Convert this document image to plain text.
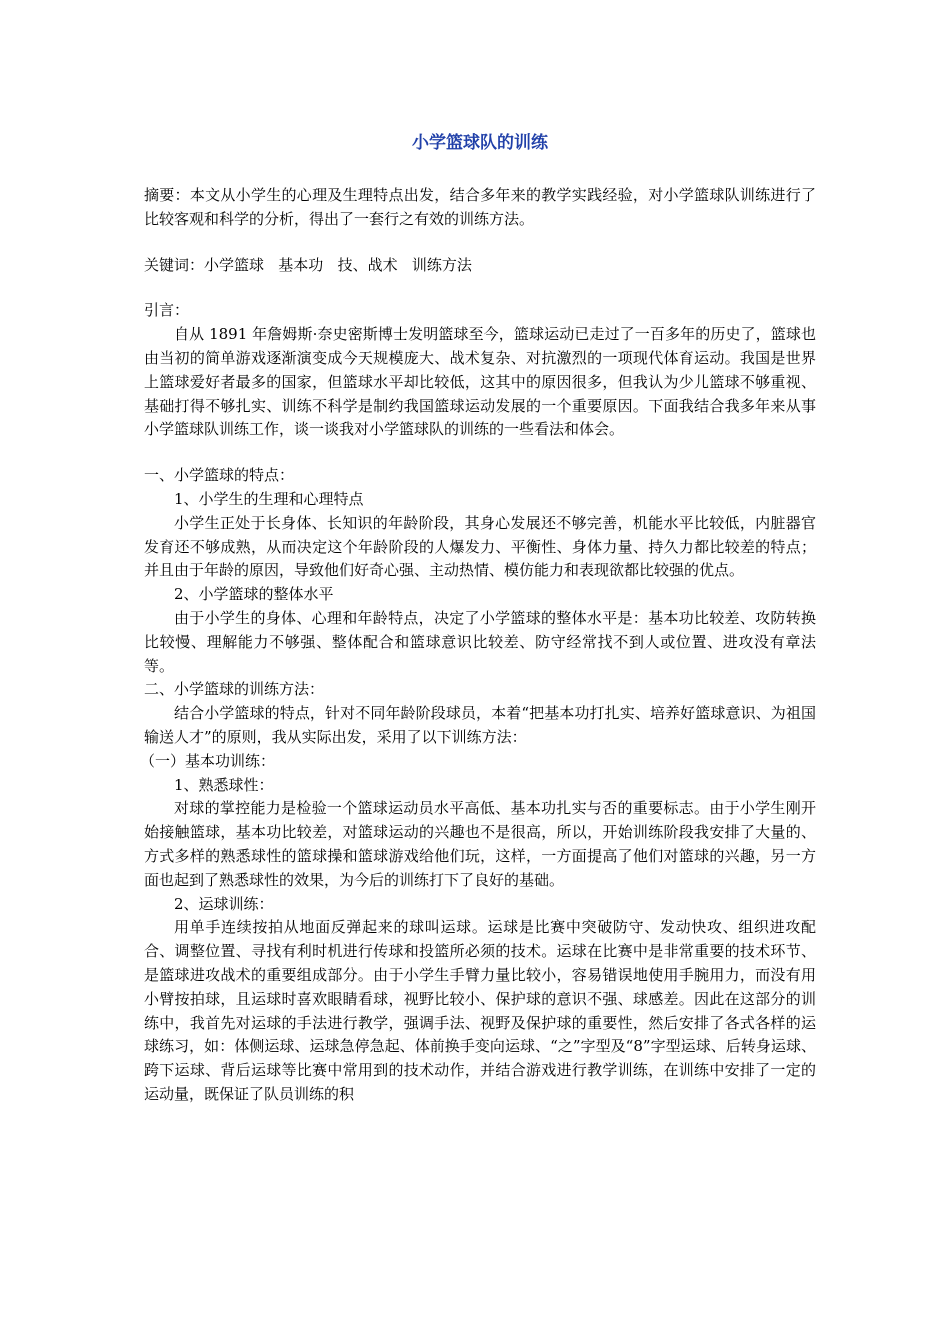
小学篮球队的训练

摘要：本文从小学生的心理及生理特点出发，结合多年来的教学实践经验，对小学篮球队训练进行了比较客观和科学的分析，得出了一套行之有效的训练方法。

关键词：小学篮球   基本功   技、战术   训练方法

引言：

自从 1891 年詹姆斯·奈史密斯博士发明篮球至今，篮球运动已走过了一百多年的历史了，篮球也由当初的简单游戏逐渐演变成今天规模庞大、战术复杂、对抗激烈的一项现代体育运动。我国是世界上篮球爱好者最多的国家，但篮球水平却比较低，这其中的原因很多，但我认为少儿篮球不够重视、基础打得不够扎实、训练不科学是制约我国篮球运动发展的一个重要原因。下面我结合我多年来从事小学篮球队训练工作，谈一谈我对小学篮球队的训练的一些看法和体会。

一、小学篮球的特点：

1、小学生的生理和心理特点

小学生正处于长身体、长知识的年龄阶段，其身心发展还不够完善，机能水平比较低，内脏器官发育还不够成熟，从而决定这个年龄阶段的人爆发力、平衡性、身体力量、持久力都比较差的特点；并且由于年龄的原因，导致他们好奇心强、主动热情、模仿能力和表现欲都比较强的优点。

2、小学篮球的整体水平

由于小学生的身体、心理和年龄特点，决定了小学篮球的整体水平是：基本功比较差、攻防转换比较慢、理解能力不够强、整体配合和篮球意识比较差、防守经常找不到人或位置、进攻没有章法等。

二、小学篮球的训练方法：

结合小学篮球的特点，针对不同年龄阶段球员，本着“把基本功打扎实、培养好篮球意识、为祖国输送人才”的原则，我从实际出发，采用了以下训练方法：

（一）基本功训练：

1、熟悉球性：

对球的掌控能力是检验一个篮球运动员水平高低、基本功扎实与否的重要标志。由于小学生刚开始接触篮球，基本功比较差，对篮球运动的兴趣也不是很高，所以，开始训练阶段我安排了大量的、方式多样的熟悉球性的篮球操和篮球游戏给他们玩，这样，一方面提高了他们对篮球的兴趣，另一方面也起到了熟悉球性的效果，为今后的训练打下了良好的基础。

2、运球训练：

用单手连续按拍从地面反弹起来的球叫运球。运球是比赛中突破防守、发动快攻、组织进攻配合、调整位置、寻找有利时机进行传球和投篮所必须的技术。运球在比赛中是非常重要的技术环节、是篮球进攻战术的重要组成部分。由于小学生手臂力量比较小，容易错误地使用手腕用力，而没有用小臂按拍球，且运球时喜欢眼睛看球，视野比较小、保护球的意识不强、球感差。因此在这部分的训练中，我首先对运球的手法进行教学，强调手法、视野及保护球的重要性，然后安排了各式各样的运球练习，如：体侧运球、运球急停急起、体前换手变向运球、“之”字型及“8”字型运球、后转身运球、跨下运球、背后运球等比赛中常用到的技术动作，并结合游戏进行教学训练，在训练中安排了一定的运动量，既保证了队员训练的积
